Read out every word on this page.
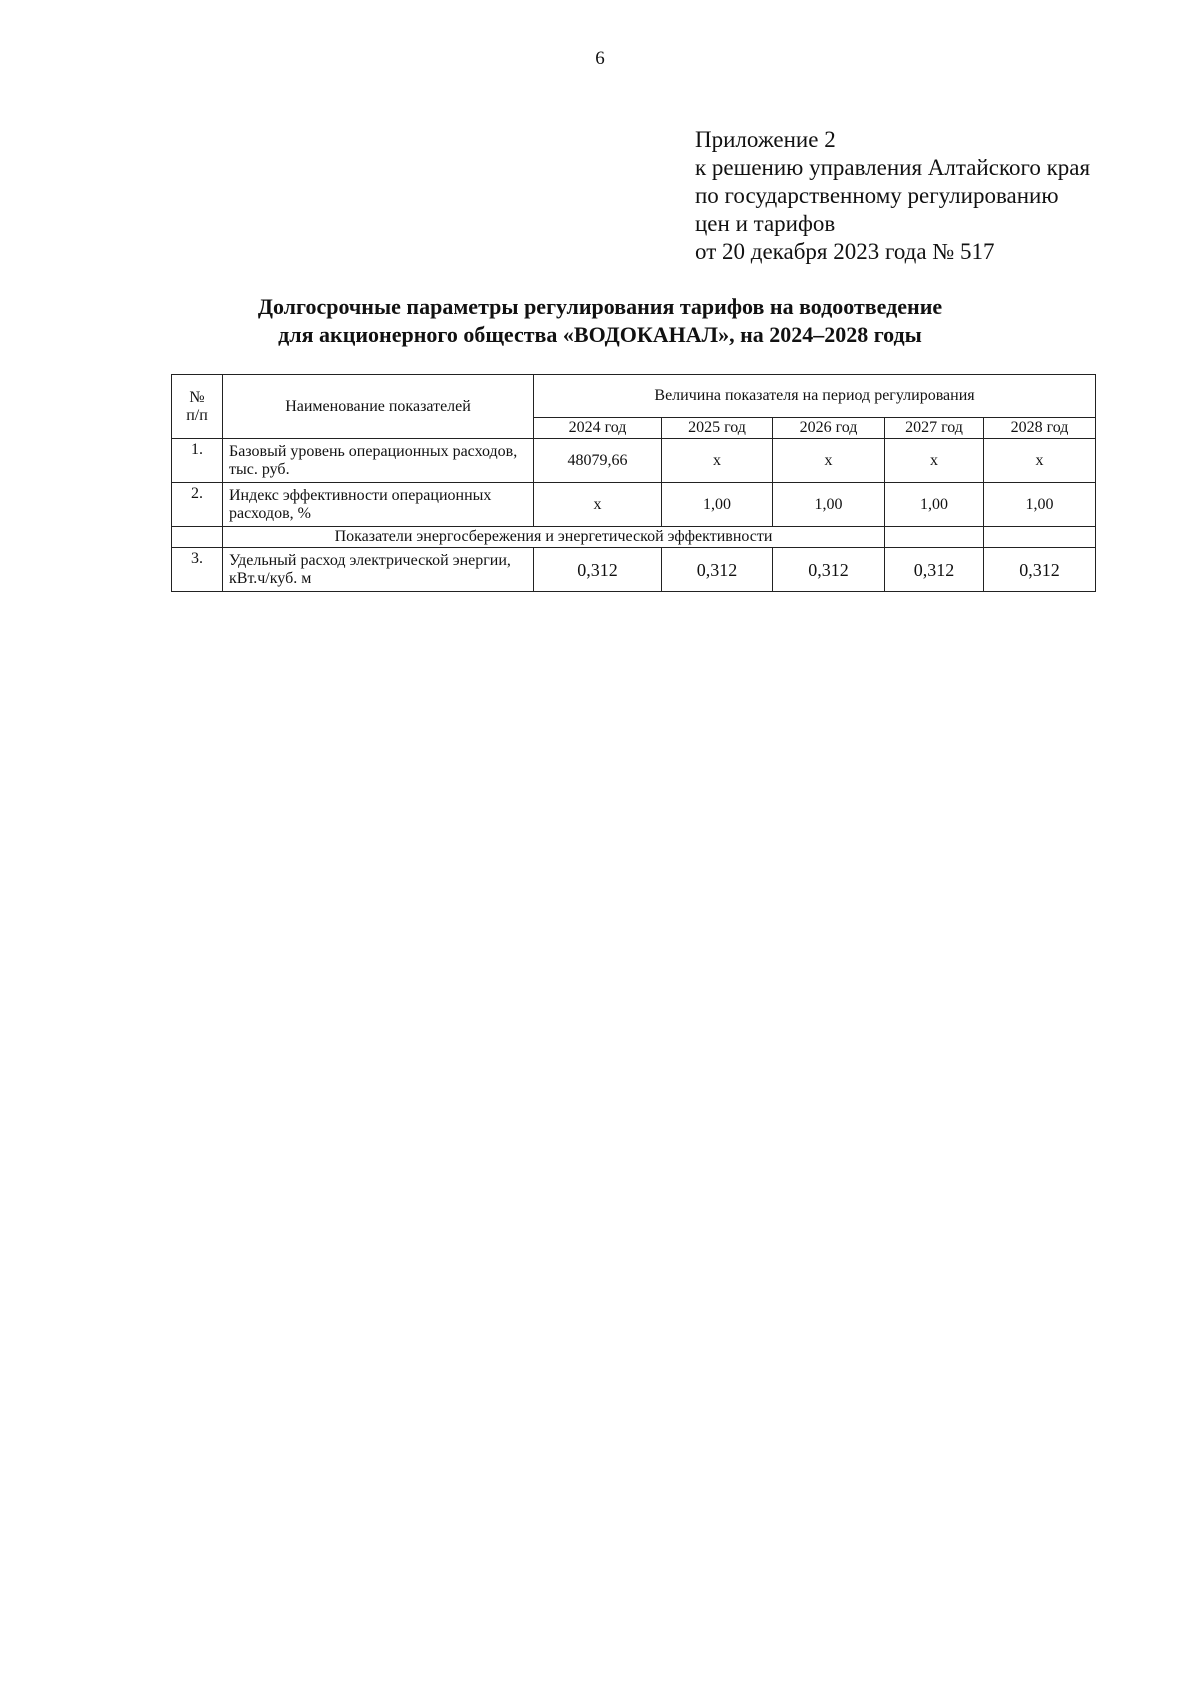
6
Приложение 2
к решению управления Алтайского края
по государственному регулированию
цен и тарифов
от 20 декабря 2023 года № 517
Долгосрочные параметры регулирования тарифов на водоотведение
для акционерного общества «ВОДОКАНАЛ», на 2024–2028 годы
№
п/п	Наименование показателей	Величина показателя на период регулирования				
		2024 год	2025 год	2026 год	2027 год	2028 год
1.	Базовый уровень операционных расходов, тыс. руб.	48079,66	х	х	х	х
2.	Индекс эффективности операционных расходов, %	х	1,00	1,00	1,00	1,00
	Показатели энергосбережения и энергетической эффективности					
3.	Удельный расход электрической энергии, кВт.ч/куб. м	0,312	0,312	0,312	0,312	0,312
